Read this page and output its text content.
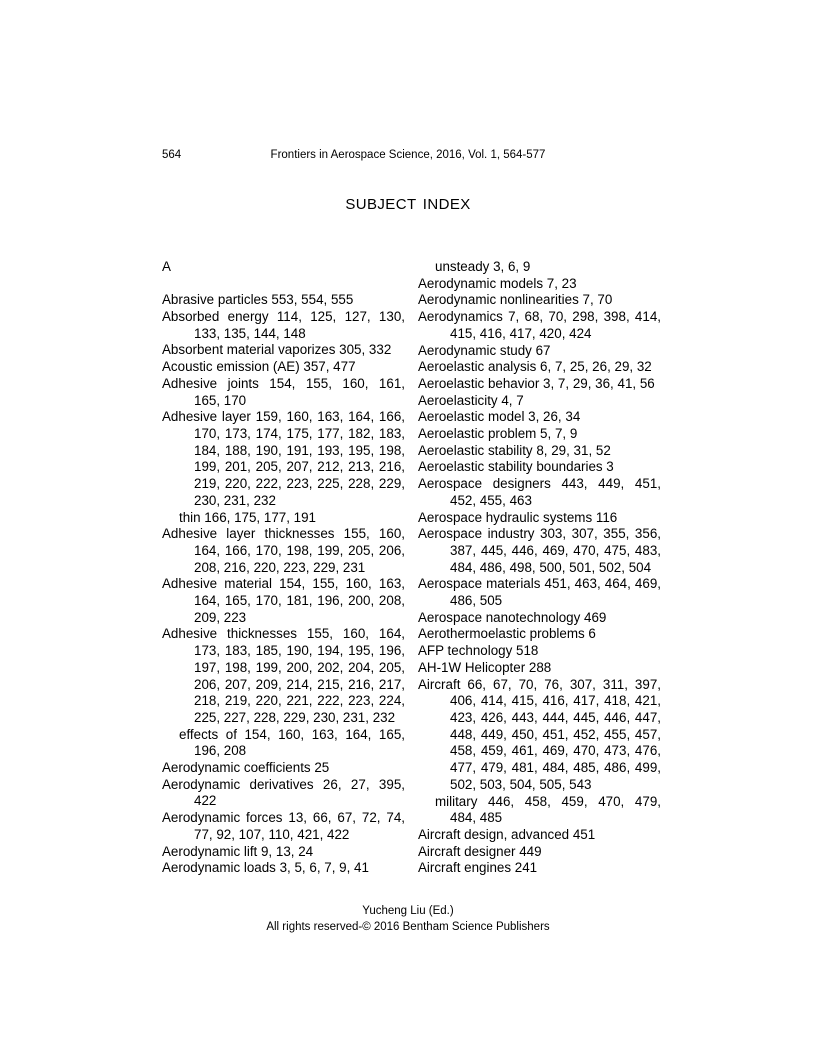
564	Frontiers in Aerospace Science, 2016, Vol. 1, 564-577
SUBJECT INDEX
A
Abrasive particles 553, 554, 555
Absorbed energy 114, 125, 127, 130,
133, 135, 144, 148
Absorbent material vaporizes 305, 332
Acoustic emission (AE) 357, 477
Adhesive joints 154, 155, 160, 161,
165, 170
Adhesive layer 159, 160, 163, 164, 166,
170, 173, 174, 175, 177, 182, 183,
184, 188, 190, 191, 193, 195, 198,
199, 201, 205, 207, 212, 213, 216,
219, 220, 222, 223, 225, 228, 229,
230, 231, 232
thin 166, 175, 177, 191
Adhesive layer thicknesses 155, 160,
164, 166, 170, 198, 199, 205, 206,
208, 216, 220, 223, 229, 231
Adhesive material 154, 155, 160, 163,
164, 165, 170, 181, 196, 200, 208,
209, 223
Adhesive thicknesses 155, 160, 164,
173, 183, 185, 190, 194, 195, 196,
197, 198, 199, 200, 202, 204, 205,
206, 207, 209, 214, 215, 216, 217,
218, 219, 220, 221, 222, 223, 224,
225, 227, 228, 229, 230, 231, 232
effects of 154, 160, 163, 164, 165,
196, 208
Aerodynamic coefficients 25
Aerodynamic derivatives 26, 27, 395,
422
Aerodynamic forces 13, 66, 67, 72, 74,
77, 92, 107, 110, 421, 422
Aerodynamic lift 9, 13, 24
Aerodynamic loads 3, 5, 6, 7, 9, 41
unsteady 3, 6, 9
Aerodynamic models 7, 23
Aerodynamic nonlinearities 7, 70
Aerodynamics 7, 68, 70, 298, 398, 414,
415, 416, 417, 420, 424
Aerodynamic study 67
Aeroelastic analysis 6, 7, 25, 26, 29, 32
Aeroelastic behavior 3, 7, 29, 36, 41, 56
Aeroelasticity 4, 7
Aeroelastic model 3, 26, 34
Aeroelastic problem 5, 7, 9
Aeroelastic stability 8, 29, 31, 52
Aeroelastic stability boundaries 3
Aerospace designers 443, 449, 451,
452, 455, 463
Aerospace hydraulic systems 116
Aerospace industry 303, 307, 355, 356,
387, 445, 446, 469, 470, 475, 483,
484, 486, 498, 500, 501, 502, 504
Aerospace materials 451, 463, 464, 469,
486, 505
Aerospace nanotechnology 469
Aerothermoelastic problems 6
AFP technology 518
AH-1W Helicopter 288
Aircraft 66, 67, 70, 76, 307, 311, 397,
406, 414, 415, 416, 417, 418, 421,
423, 426, 443, 444, 445, 446, 447,
448, 449, 450, 451, 452, 455, 457,
458, 459, 461, 469, 470, 473, 476,
477, 479, 481, 484, 485, 486, 499,
502, 503, 504, 505, 543
military 446, 458, 459, 470, 479,
484, 485
Aircraft design, advanced 451
Aircraft designer 449
Aircraft engines 241
Yucheng Liu (Ed.)
All rights reserved-© 2016 Bentham Science Publishers
